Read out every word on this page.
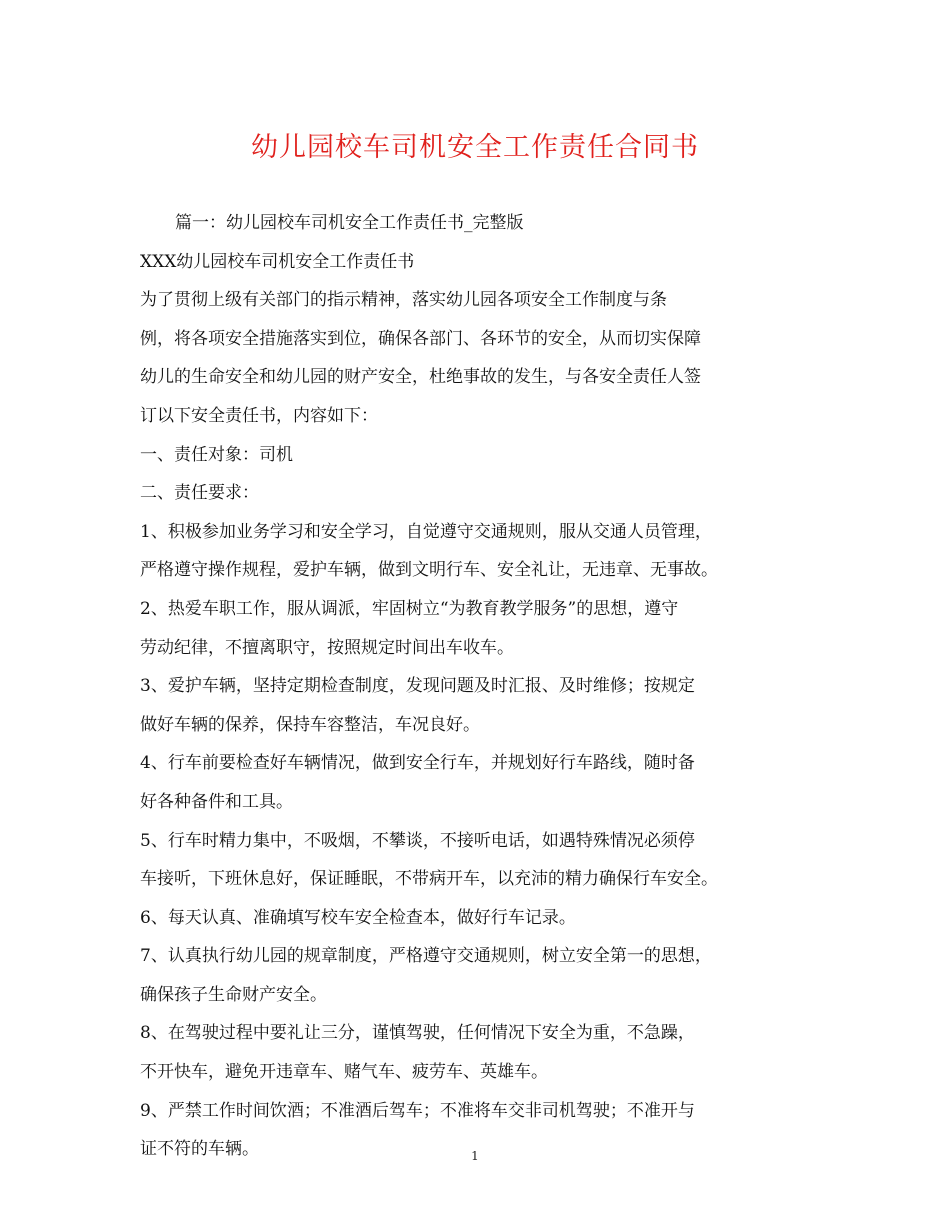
幼儿园校车司机安全工作责任合同书
篇一：幼儿园校车司机安全工作责任书_完整版
XXX幼儿园校车司机安全工作责任书
为了贯彻上级有关部门的指示精神，落实幼儿园各项安全工作制度与条
例，将各项安全措施落实到位，确保各部门、各环节的安全，从而切实保障
幼儿的生命安全和幼儿园的财产安全，杜绝事故的发生，与各安全责任人签
订以下安全责任书，内容如下：
一、责任对象：司机
二、责任要求：
1、积极参加业务学习和安全学习，自觉遵守交通规则，服从交通人员管理，
严格遵守操作规程，爱护车辆，做到文明行车、安全礼让，无违章、无事故。
2、热爱车职工作，服从调派，牢固树立“为教育教学服务”的思想，遵守
劳动纪律，不擅离职守，按照规定时间出车收车。
3、爱护车辆，坚持定期检查制度，发现问题及时汇报、及时维修；按规定
做好车辆的保养，保持车容整洁，车况良好。
4、行车前要检查好车辆情况，做到安全行车，并规划好行车路线，随时备
好各种备件和工具。
5、行车时精力集中，不吸烟，不攀谈，不接听电话，如遇特殊情况必须停
车接听，下班休息好，保证睡眠，不带病开车，以充沛的精力确保行车安全。
6、每天认真、准确填写校车安全检查本，做好行车记录。
7、认真执行幼儿园的规章制度，严格遵守交通规则，树立安全第一的思想，
确保孩子生命财产安全。
8、在驾驶过程中要礼让三分，谨慎驾驶，任何情况下安全为重，不急躁，
不开快车，避免开违章车、赌气车、疲劳车、英雄车。
9、严禁工作时间饮酒；不准酒后驾车；不准将车交非司机驾驶；不准开与
证不符的车辆。	1
